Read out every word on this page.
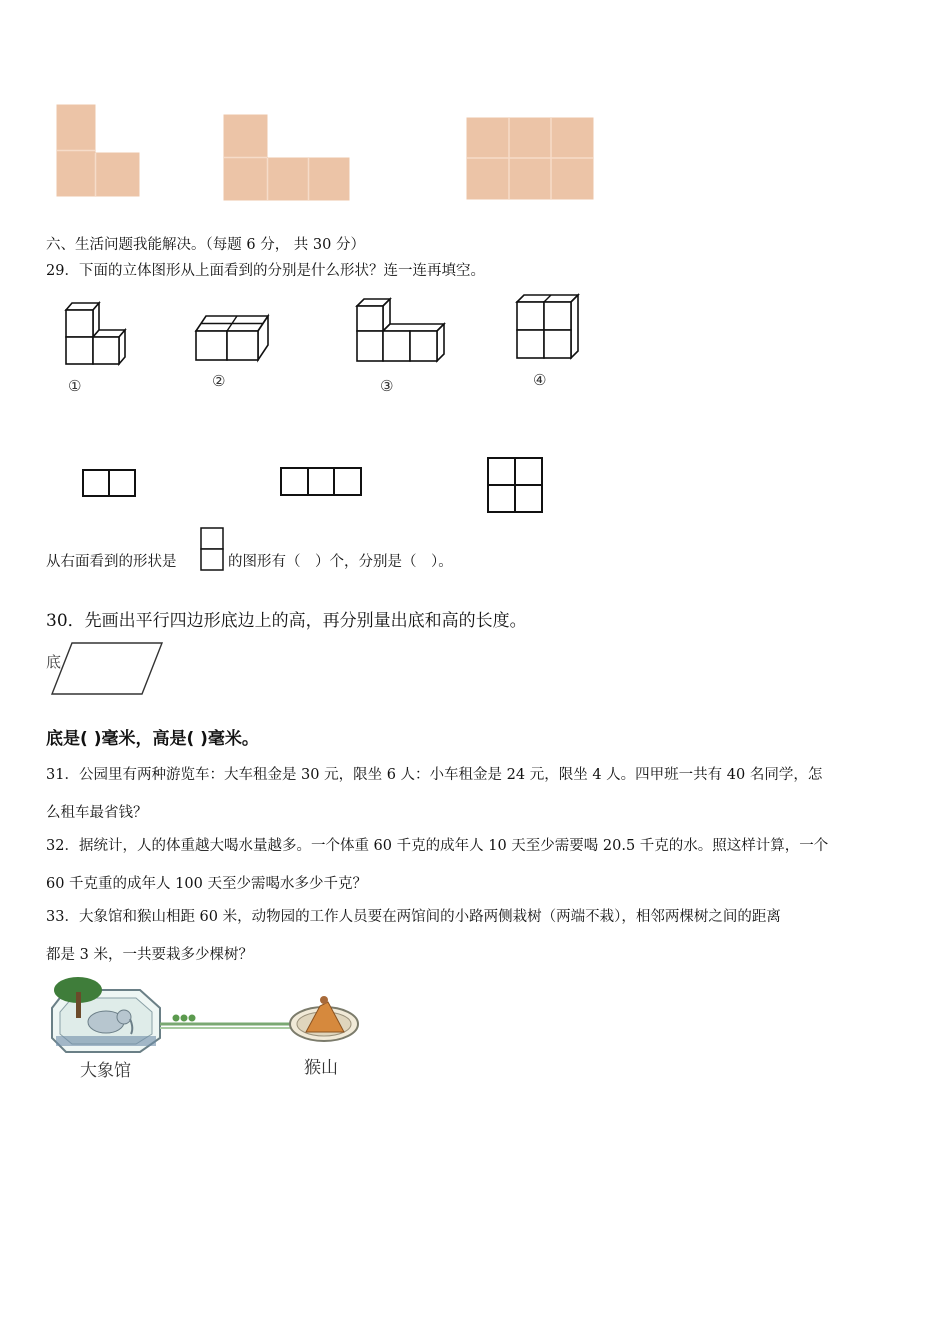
六、生活问题我能解决。（每题 6 分， 共 30 分）
29．下面的立体图形从上面看到的分别是什么形状？连一连再填空。
①	②	③	④
从右面看到的形状是	的图形有（　）个，分别是（　）。
30．先画出平行四边形底边上的高，再分别量出底和高的长度。
底
底是( )毫米，高是( )毫米。
31．公园里有两种游览车：大车租金是 30 元，限坐 6 人：小车租金是 24 元，限坐 4 人。四甲班一共有 40 名同学，怎
么租车最省钱？
32．据统计，人的体重越大喝水量越多。一个体重 60 千克的成年人 10 天至少需要喝 20.5 千克的水。照这样计算，一个
60 千克重的成年人 100 天至少需喝水多少千克？
33．大象馆和猴山相距 60 米，动物园的工作人员要在两馆间的小路两侧栽树（两端不栽），相邻两棵树之间的距离
都是 3 米，一共要栽多少棵树？
大象馆	猴山
